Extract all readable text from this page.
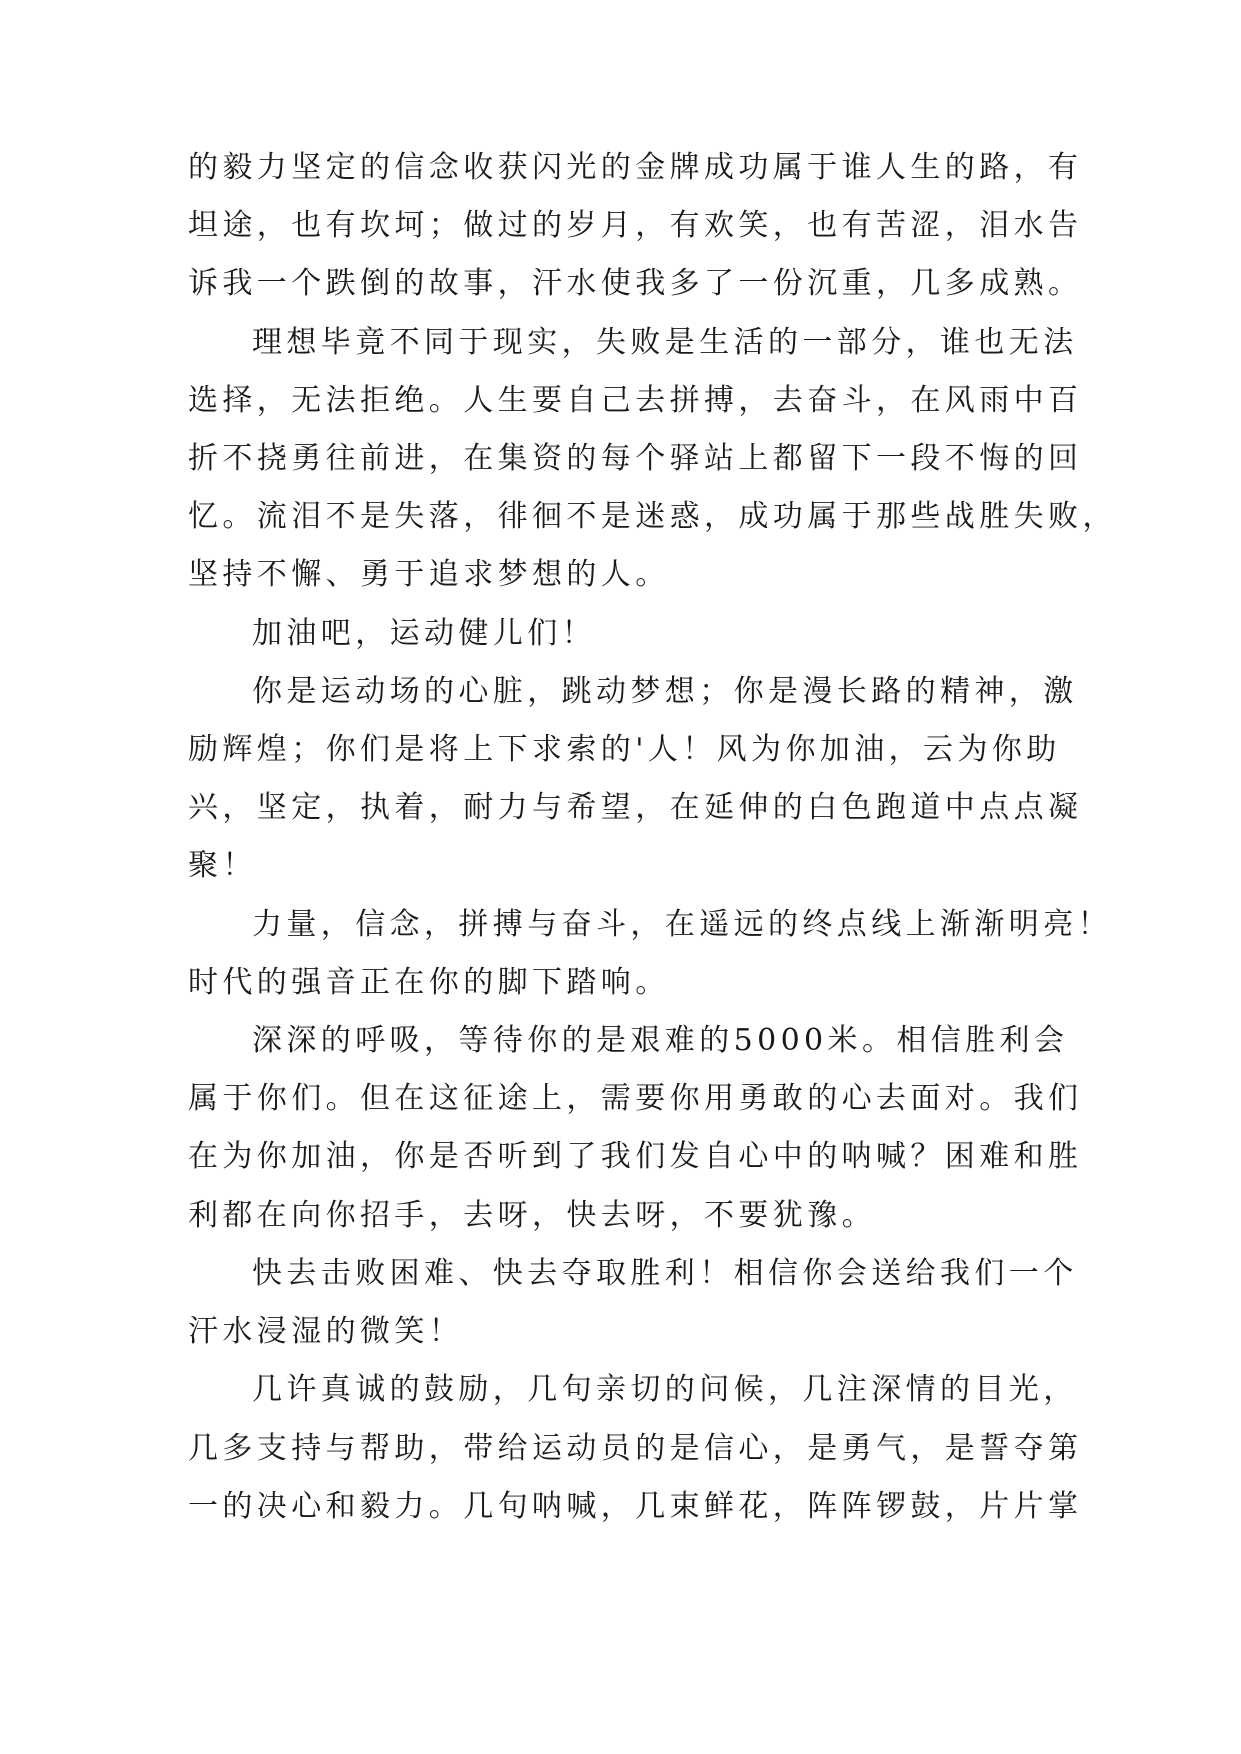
的毅力坚定的信念收获闪光的金牌成功属于谁人生的路，有
坦途，也有坎坷；做过的岁月，有欢笑，也有苦涩，泪水告
诉我一个跌倒的故事，汗水使我多了一份沉重，几多成熟。
理想毕竟不同于现实，失败是生活的一部分，谁也无法
选择，无法拒绝。人生要自己去拼搏，去奋斗，在风雨中百
折不挠勇往前进，在集资的每个驿站上都留下一段不悔的回
忆。流泪不是失落，徘徊不是迷惑，成功属于那些战胜失败，
坚持不懈、勇于追求梦想的人。
加油吧，运动健儿们！
你是运动场的心脏，跳动梦想；你是漫长路的精神，激
励辉煌；你们是将上下求索的'人！风为你加油，云为你助
兴，坚定，执着，耐力与希望，在延伸的白色跑道中点点凝
聚！
力量，信念，拼搏与奋斗，在遥远的终点线上渐渐明亮！
时代的强音正在你的脚下踏响。
深深的呼吸，等待你的是艰难的5000米。相信胜利会
属于你们。但在这征途上，需要你用勇敢的心去面对。我们
在为你加油，你是否听到了我们发自心中的呐喊？困难和胜
利都在向你招手，去呀，快去呀，不要犹豫。
快去击败困难、快去夺取胜利！相信你会送给我们一个
汗水浸湿的微笑！
几许真诚的鼓励，几句亲切的问候，几注深情的目光，
几多支持与帮助，带给运动员的是信心，是勇气，是誓夺第
一的决心和毅力。几句呐喊，几束鲜花，阵阵锣鼓，片片掌
